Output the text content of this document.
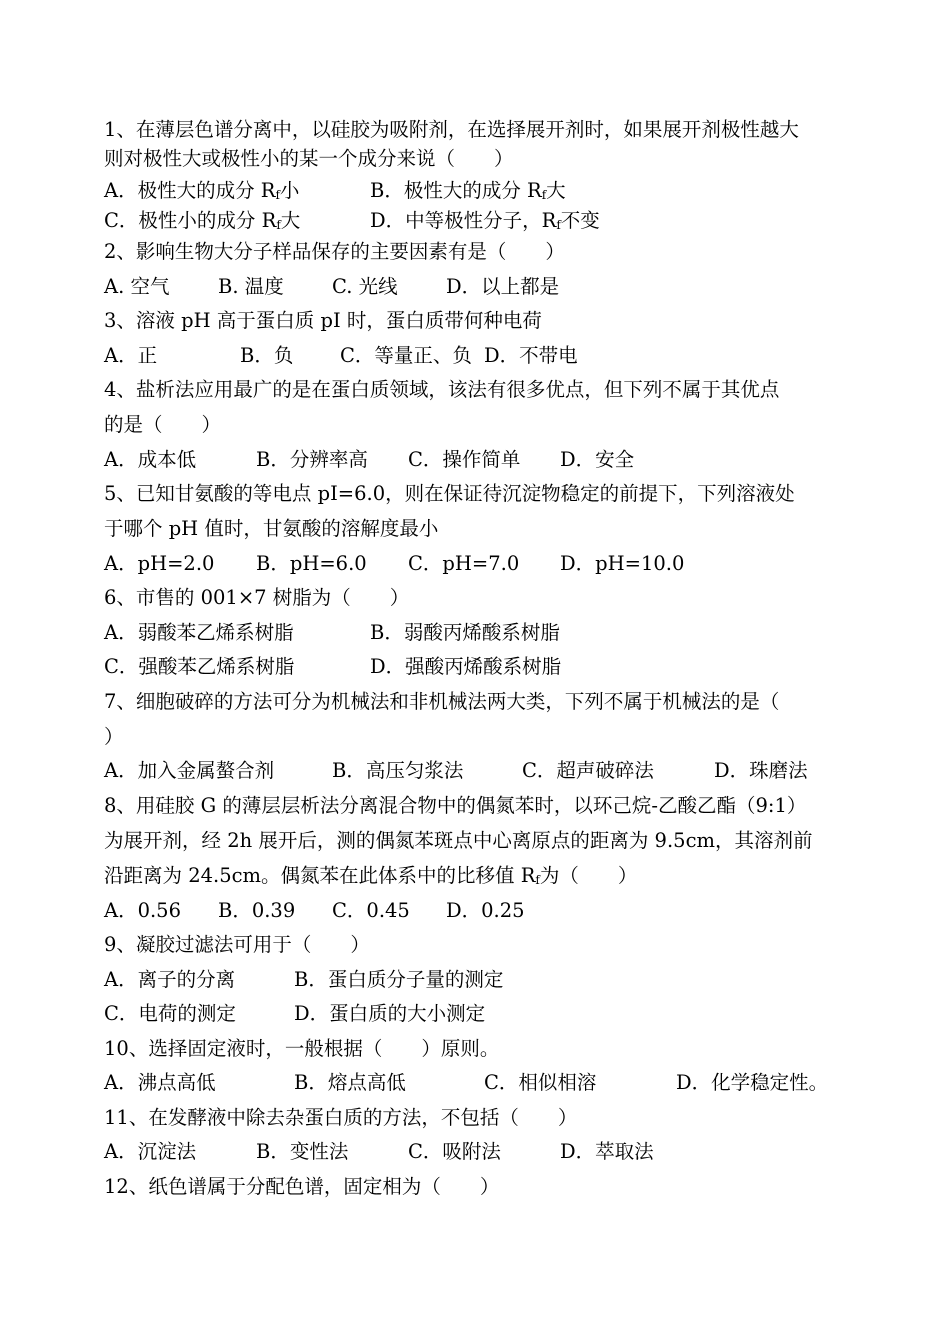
1、在薄层色谱分离中，以硅胶为吸附剂，在选择展开剂时，如果展开剂极性越大
则对极性大或极性小的某一个成分来说（　　）
A．极性大的成分 $R_f$小	B．极性大的成分 $R_f$大
C．极性小的成分 $R_f$大	D．中等极性分子，$R_f$不变
2、影响生物大分子样品保存的主要因素有是（　　）
A. 空气 B. 温度 C. 光线 D．以上都是
3、溶液 pH 高于蛋白质 pI 时，蛋白质带何种电荷
A．正	B．负 C．等量正、负 D．不带电
4、盐析法应用最广的是在蛋白质领域，该法有很多优点，但下列不属于其优点
的是（　　）
A．成本低	B．分辨率高 C．操作简单 D．安全
5、已知甘氨酸的等电点 pI=6.0，则在保证待沉淀物稳定的前提下，下列溶液处
于哪个 pH 值时，甘氨酸的溶解度最小
A．pH=2.0 B．pH=6.0 C．pH=7.0 D．pH=10.0
6、市售的 001×7 树脂为（　　）
A．弱酸苯乙烯系树脂	B．弱酸丙烯酸系树脂
C．强酸苯乙烯系树脂	D．强酸丙烯酸系树脂
7、细胞破碎的方法可分为机械法和非机械法两大类，下列不属于机械法的是（
）
A．加入金属螯合剂	B．高压匀浆法	C．超声破碎法	D．珠磨法
8、用硅胶 G 的薄层层析法分离混合物中的偶氮苯时，以环己烷-乙酸乙酯（9:1）
为展开剂，经 2h 展开后，测的偶氮苯斑点中心离原点的距离为 9.5cm，其溶剂前
沿距离为 24.5cm。偶氮苯在此体系中的比移值 $R_f$为（　　）
A．0.56 B．0.39 C．0.45 D．0.25
9、凝胶过滤法可用于（　　）
A．离子的分离	B．蛋白质分子量的测定
C．电荷的测定	D．蛋白质的大小测定
10、选择固定液时，一般根据（　　）原则。
A．沸点高低	B．熔点高低	C．相似相溶	D．化学稳定性。
11、在发酵液中除去杂蛋白质的方法，不包括（　　）
A．沉淀法	B．变性法	C．吸附法	D．萃取法
12、纸色谱属于分配色谱，固定相为（　　）
